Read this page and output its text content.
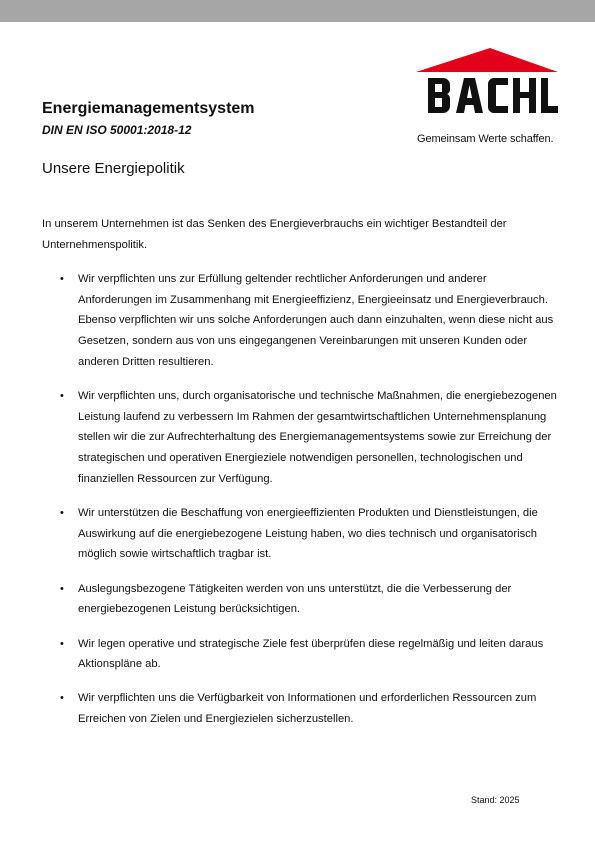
Energiemanagementsystem
DIN EN ISO 50001:2018-12
Unsere Energiepolitik
Gemeinsam Werte schaffen.

In unserem Unternehmen ist das Senken des Energieverbrauchs ein wichtiger Bestandteil der Unternehmenspolitik.

• Wir verpflichten uns zur Erfüllung geltender rechtlicher Anforderungen und anderer Anforderungen im Zusammenhang mit Energieeffizienz, Energieeinsatz und Energieverbrauch. Ebenso verpflichten wir uns solche Anforderungen auch dann einzuhalten, wenn diese nicht aus Gesetzen, sondern aus von uns eingegangenen Vereinbarungen mit unseren Kunden oder anderen Dritten resultieren.
• Wir verpflichten uns, durch organisatorische und technische Maßnahmen, die energiebezogenen Leistung laufend zu verbessern Im Rahmen der gesamtwirtschaftlichen Unternehmensplanung stellen wir die zur Aufrechterhaltung des Energiemanagementsystems sowie zur Erreichung der strategischen und operativen Energieziele notwendigen personellen, technologischen und finanziellen Ressourcen zur Verfügung.
• Wir unterstützen die Beschaffung von energieeffizienten Produkten und Dienstleistungen, die Auswirkung auf die energiebezogene Leistung haben, wo dies technisch und organisatorisch möglich sowie wirtschaftlich tragbar ist.
• Auslegungsbezogene Tätigkeiten werden von uns unterstützt, die die Verbesserung der energiebezogenen Leistung berücksichtigen.
• Wir legen operative und strategische Ziele fest überprüfen diese regelmäßig und leiten daraus Aktionspläne ab.
• Wir verpflichten uns die Verfügbarkeit von Informationen und erforderlichen Ressourcen zum Erreichen von Zielen und Energiezielen sicherzustellen.
Stand: 2025
